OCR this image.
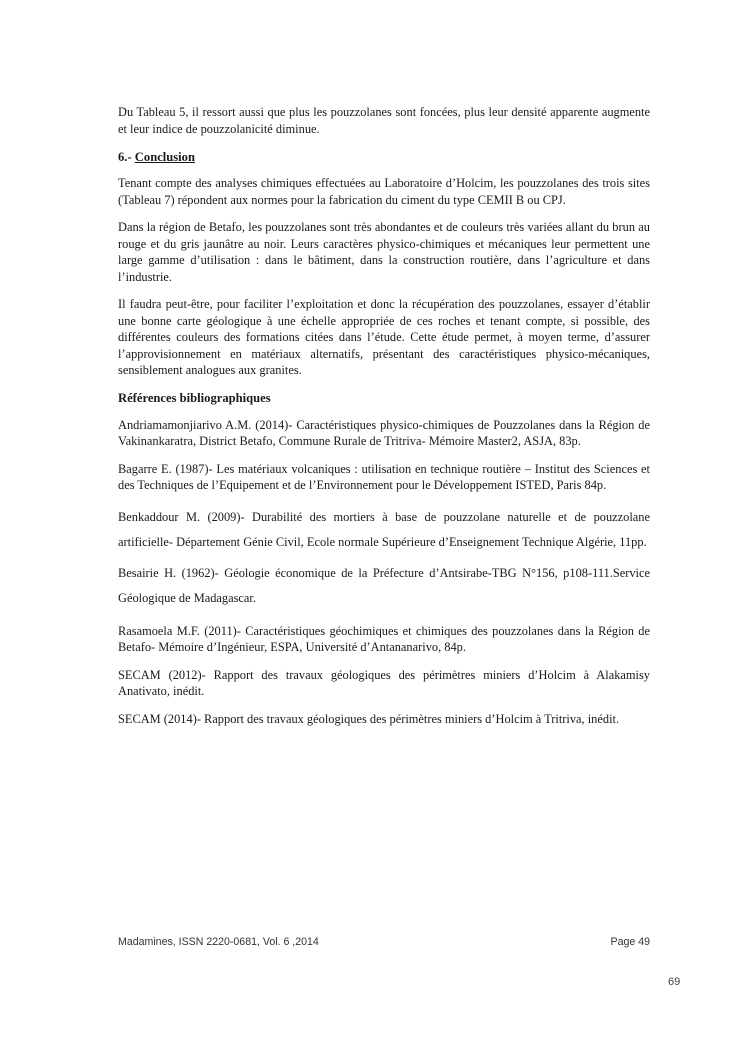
Du Tableau 5, il ressort aussi que plus les pouzzolanes sont foncées, plus leur densité apparente augmente et leur indice de pouzzolanicité diminue.

6.- Conclusion

Tenant compte des analyses chimiques effectuées au Laboratoire d’Holcim, les pouzzolanes des trois sites (Tableau 7) répondent aux normes pour la fabrication du ciment du type CEMII B ou CPJ.

Dans la région de Betafo, les pouzzolanes sont très abondantes et de couleurs très variées allant du brun au rouge et du gris jaunâtre au noir. Leurs caractères physico-chimiques et mécaniques leur permettent une large gamme d’utilisation : dans le bâtiment, dans la construction routière, dans l’agriculture et dans l’industrie.

Il faudra peut-être, pour faciliter l’exploitation et donc la récupération des pouzzolanes, essayer d’établir une bonne carte géologique à une échelle appropriée de ces roches et tenant compte, si possible, des différentes couleurs des formations citées dans l’étude. Cette étude permet, à moyen terme, d’assurer l’approvisionnement en matériaux alternatifs, présentant des caractéristiques physico-mécaniques, sensiblement analogues aux granites.

Références bibliographiques

Andriamamonjiarivo A.M. (2014)- Caractéristiques physico-chimiques de Pouzzolanes dans la Région de Vakinankaratra, District Betafo, Commune Rurale de Tritriva- Mémoire Master2, ASJA, 83p.

Bagarre E. (1987)- Les matériaux volcaniques : utilisation en technique routière – Institut des Sciences et des Techniques de l’Equipement et de l’Environnement pour le Développement ISTED, Paris 84p.

Benkaddour M. (2009)- Durabilité des mortiers à base de pouzzolane naturelle et de pouzzolane artificielle- Département Génie Civil, Ecole normale Supérieure d’Enseignement Technique Algérie, 11pp.

Besairie H. (1962)- Géologie économique de la Préfecture d’Antsirabe-TBG N°156, p108-111.Service Géologique de Madagascar.

Rasamoela M.F. (2011)- Caractéristiques géochimiques et chimiques des pouzzolanes dans la Région de Betafo- Mémoire d’Ingénieur, ESPA, Université d’Antananarivo, 84p.

SECAM (2012)- Rapport des travaux géologiques des périmètres miniers d’Holcim à Alakamisy Anativato, inédit.

SECAM (2014)- Rapport des travaux géologiques des périmètres miniers d’Holcim à Tritriva, inédit.

Madamines, ISSN 2220-0681, Vol. 6 ,2014	Page 49
69
